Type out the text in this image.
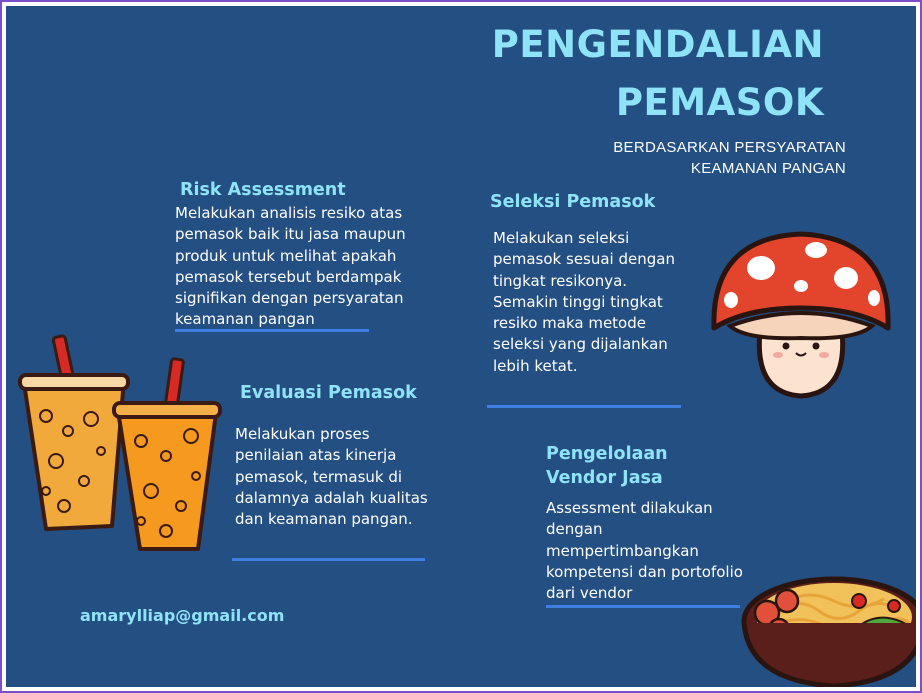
PENGENDALIAN
PEMASOK
BERDASARKAN PERSYARATAN
KEAMANAN PANGAN
Risk Assessment
Melakukan analisis resiko atas pemasok baik itu jasa maupun produk untuk melihat apakah pemasok tersebut berdampak signifikan dengan persyaratan keamanan pangan
Seleksi Pemasok
Melakukan seleksi pemasok sesuai dengan tingkat resikonya. Semakin tinggi tingkat resiko maka metode seleksi yang dijalankan lebih ketat.
Evaluasi Pemasok
Melakukan proses penilaian atas kinerja pemasok, termasuk di dalamnya adalah kualitas dan keamanan pangan.
Pengelolaan
Vendor Jasa
Assessment dilakukan dengan mempertimbangkan kompetensi dan portofolio dari vendor
amarylliap@gmail.com
